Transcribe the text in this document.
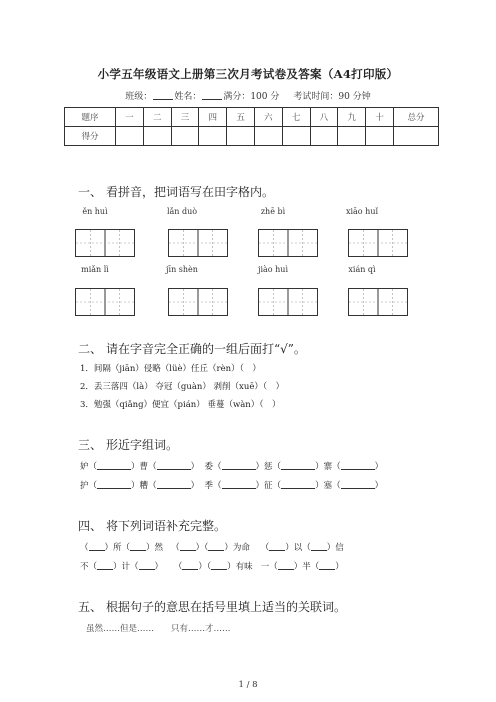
小学五年级语文上册第三次月考试卷及答案（A4打印版）
班级： 姓名： 满分：100 分 考试时间：90 分钟
题序	一	二	三	四	五	六	七	八	九	十	总分
得分											
一、 看拼音，把词语写在田字格内。
ěn huì	lǎn duò	zhē bì	xiāo huǐ
miǎn lì	jīn shèn	jiào huì	xián qì
二、 请在字音完全正确的一组后面打“√”。
1．间隔（jiān）侵略（lüè）任丘（rèn）（　）
2．丢三落四（là） 夺冠（guàn） 剥削（xuē）（　）
3．勉强（qiǎng）便宜（pián） 垂蔓（wàn）（　）
三、 形近字组词。
妒（	）曹（	）  委（	）惩（	）寨（	）
护（	）糟（	）  季（	）征（	）塞（	）
四、 将下列词语补充完整。
（ ）所（ ）然   （ ）（ ）为命    （ ）以（ ）信
不（ ）计（ ）    （ ）（ ）有味 一（ ）半（ ）
五、 根据句子的意思在括号里填上适当的关联词。
虽然……但是……　　只有……才……
1 / 8
